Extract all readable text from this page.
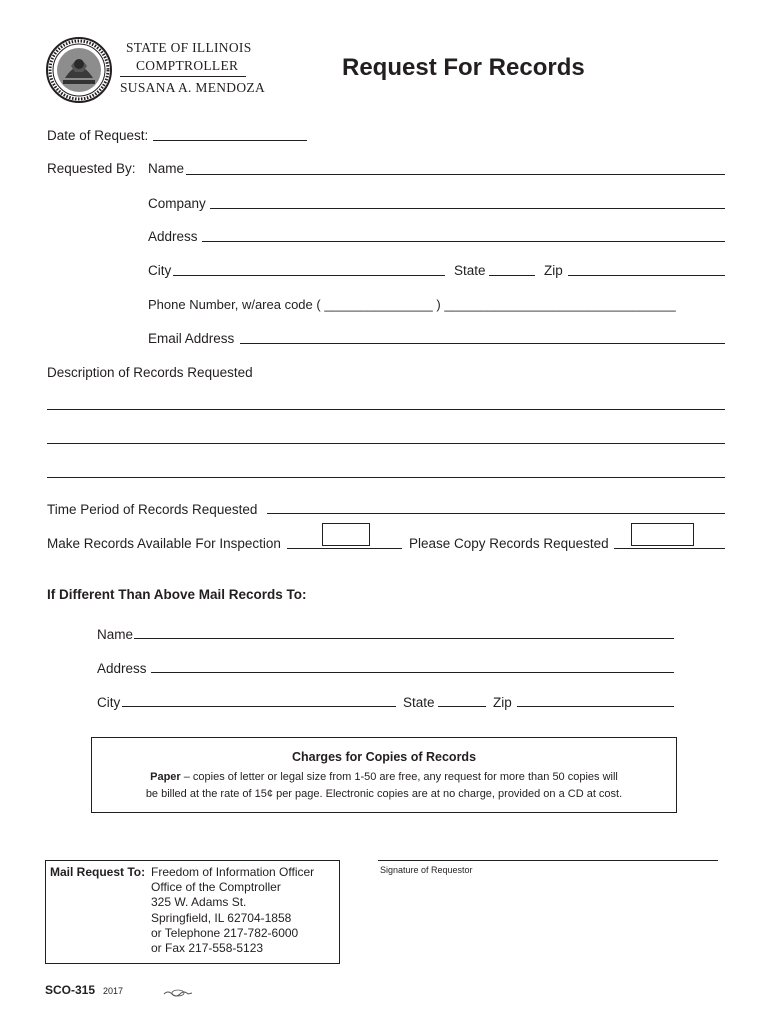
STATE OF ILLINOIS
COMPTROLLER
SUSANA A. MENDOZA
Request For Records
Date of Request:
Requested By: Name
Company
Address
City	State	Zip
Phone Number, w/area code ( _______________ ) ________________________________
Email Address
Description of Records Requested
Time Period of Records Requested
Make Records Available For Inspection	Please Copy Records Requested
If Different Than Above Mail Records To:
Name
Address
City	State	Zip
Charges for Copies of Records
Paper – copies of letter or legal size from 1-50 are free, any request for more than 50 copies will
be billed at the rate of 15¢ per page. Electronic copies are at no charge, provided on a CD at cost.
Mail Request To: Freedom of Information Officer
Office of the Comptroller
325 W. Adams St.
Springfield, IL 62704-1858
or Telephone 217-782-6000
or Fax 217-558-5123
Signature of Requestor
SCO-315 2017
